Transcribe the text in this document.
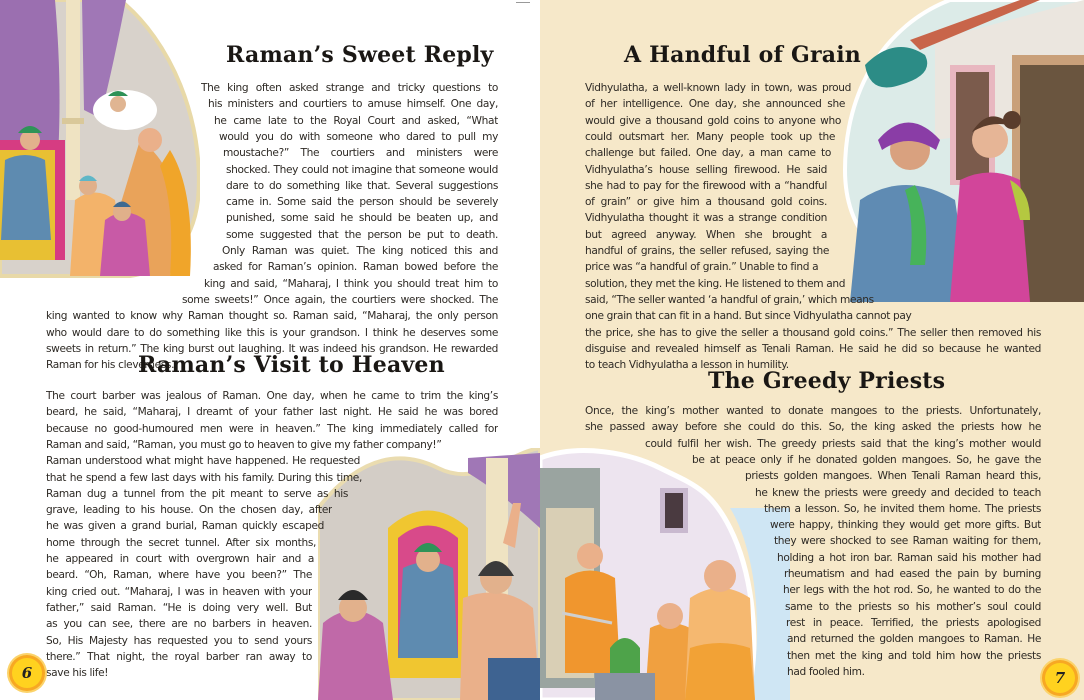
Raman’s Sweet Reply
The king often asked strange and tricky questions to
his ministers and courtiers to amuse himself. One day,
he came late to the Royal Court and asked, “What
would you do with someone who dared to pull my
moustache?” The courtiers and ministers were
shocked. They could not imagine that someone would
dare to do something like that. Several suggestions
came in. Some said the person should be severely
punished, some said he should be beaten up, and
some suggested that the person be put to death.
Only Raman was quiet. The king noticed this and
asked for Raman’s opinion. Raman bowed before the
king and said, “Maharaj, I think you should treat him to
some sweets!” Once again, the courtiers were shocked. The
king wanted to know why Raman thought so. Raman said, “Maharaj, the only person
who would dare to do something like this is your grandson. I think he deserves some
sweets in return.” The king burst out laughing. It was indeed his grandson. He rewarded
Raman for his cleverness.
Raman’s Visit to Heaven
The court barber was jealous of Raman. One day, when he came to trim the king’s
beard, he said, “Maharaj, I dreamt of your father last night. He said he was bored
because no good-humoured men were in heaven.” The king immediately called for
Raman and said, “Raman, you must go to heaven to give my father company!”
Raman understood what might have happened. He requested
that he spend a few last days with his family. During this time,
Raman dug a tunnel from the pit meant to serve as his
grave, leading to his house. On the chosen day, after
he was given a grand burial, Raman quickly escaped
home through the secret tunnel. After six months,
he appeared in court with overgrown hair and a
beard. “Oh, Raman, where have you been?” The
king cried out. “Maharaj, I was in heaven with your
father,” said Raman. “He is doing very well. But
as you can see, there are no barbers in heaven.
So, His Majesty has requested you to send yours
there.” That night, the royal barber ran away to
save his life!
6
A Handful of Grain
Vidhyulatha, a well-known lady in town, was proud
of her intelligence. One day, she announced she
would give a thousand gold coins to anyone who
could outsmart her. Many people took up the
challenge but failed. One day, a man came to
Vidhyulatha’s house selling firewood. He said
she had to pay for the firewood with a “handful
of grain” or give him a thousand gold coins.
Vidhyulatha thought it was a strange condition
but agreed anyway. When she brought a
handful of grains, the seller refused, saying the
price was “a handful of grain.” Unable to find a
solution, they met the king. He listened to them and
said, “The seller wanted ‘a handful of grain,’ which means
one grain that can fit in a hand. But since Vidhyulatha cannot pay
the price, she has to give the seller a thousand gold coins.” The seller then removed his
disguise and revealed himself as Tenali Raman. He said he did so because he wanted
to teach Vidhyulatha a lesson in humility.
The Greedy Priests
Once, the king’s mother wanted to donate mangoes to the priests. Unfortunately,
she passed away before she could do this. So, the king asked the priests how he
could fulfil her wish. The greedy priests said that the king’s mother would
be at peace only if he donated golden mangoes. So, he gave the
priests golden mangoes. When Tenali Raman heard this,
he knew the priests were greedy and decided to teach
them a lesson. So, he invited them home. The priests
were happy, thinking they would get more gifts. But
they were shocked to see Raman waiting for them,
holding a hot iron bar. Raman said his mother had
rheumatism and had eased the pain by burning
her legs with the hot rod. So, he wanted to do the
same to the priests so his mother’s soul could
rest in peace. Terrified, the priests apologised
and returned the golden mangoes to Raman. He
then met the king and told him how the priests
had fooled him.	7
